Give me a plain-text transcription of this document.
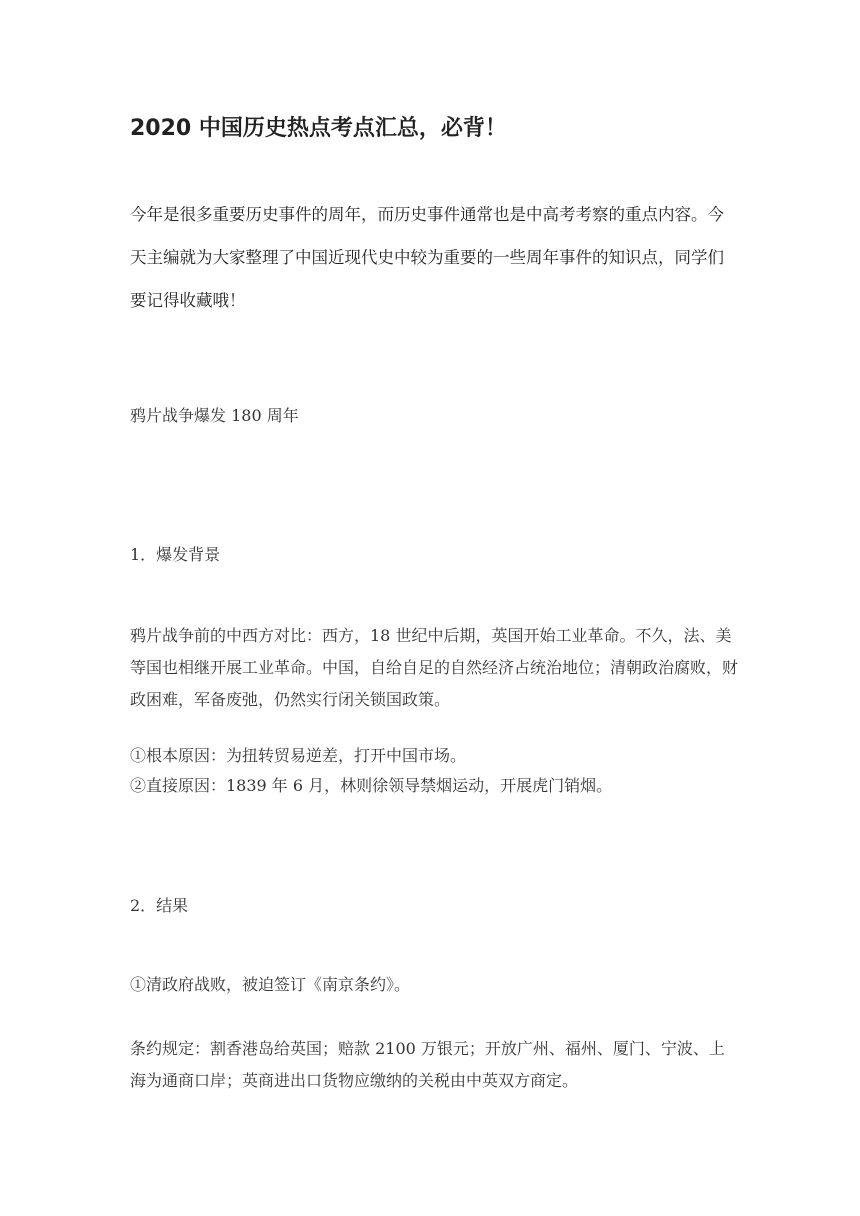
2020 中国历史热点考点汇总，必背！

今年是很多重要历史事件的周年，而历史事件通常也是中高考考察的重点内容。今天主编就为大家整理了中国近现代史中较为重要的一些周年事件的知识点，同学们要记得收藏哦！

鸦片战争爆发 180 周年

1．爆发背景

鸦片战争前的中西方对比：西方，18 世纪中后期，英国开始工业革命。不久，法、美等国也相继开展工业革命。中国，自给自足的自然经济占统治地位；清朝政治腐败，财政困难，军备废弛，仍然实行闭关锁国政策。

①根本原因：为扭转贸易逆差，打开中国市场。

②直接原因：1839 年 6 月，林则徐领导禁烟运动，开展虎门销烟。

2．结果

①清政府战败，被迫签订《南京条约》。

条约规定：割香港岛给英国；赔款 2100 万银元；开放广州、福州、厦门、宁波、上海为通商口岸；英商进出口货物应缴纳的关税由中英双方商定。
